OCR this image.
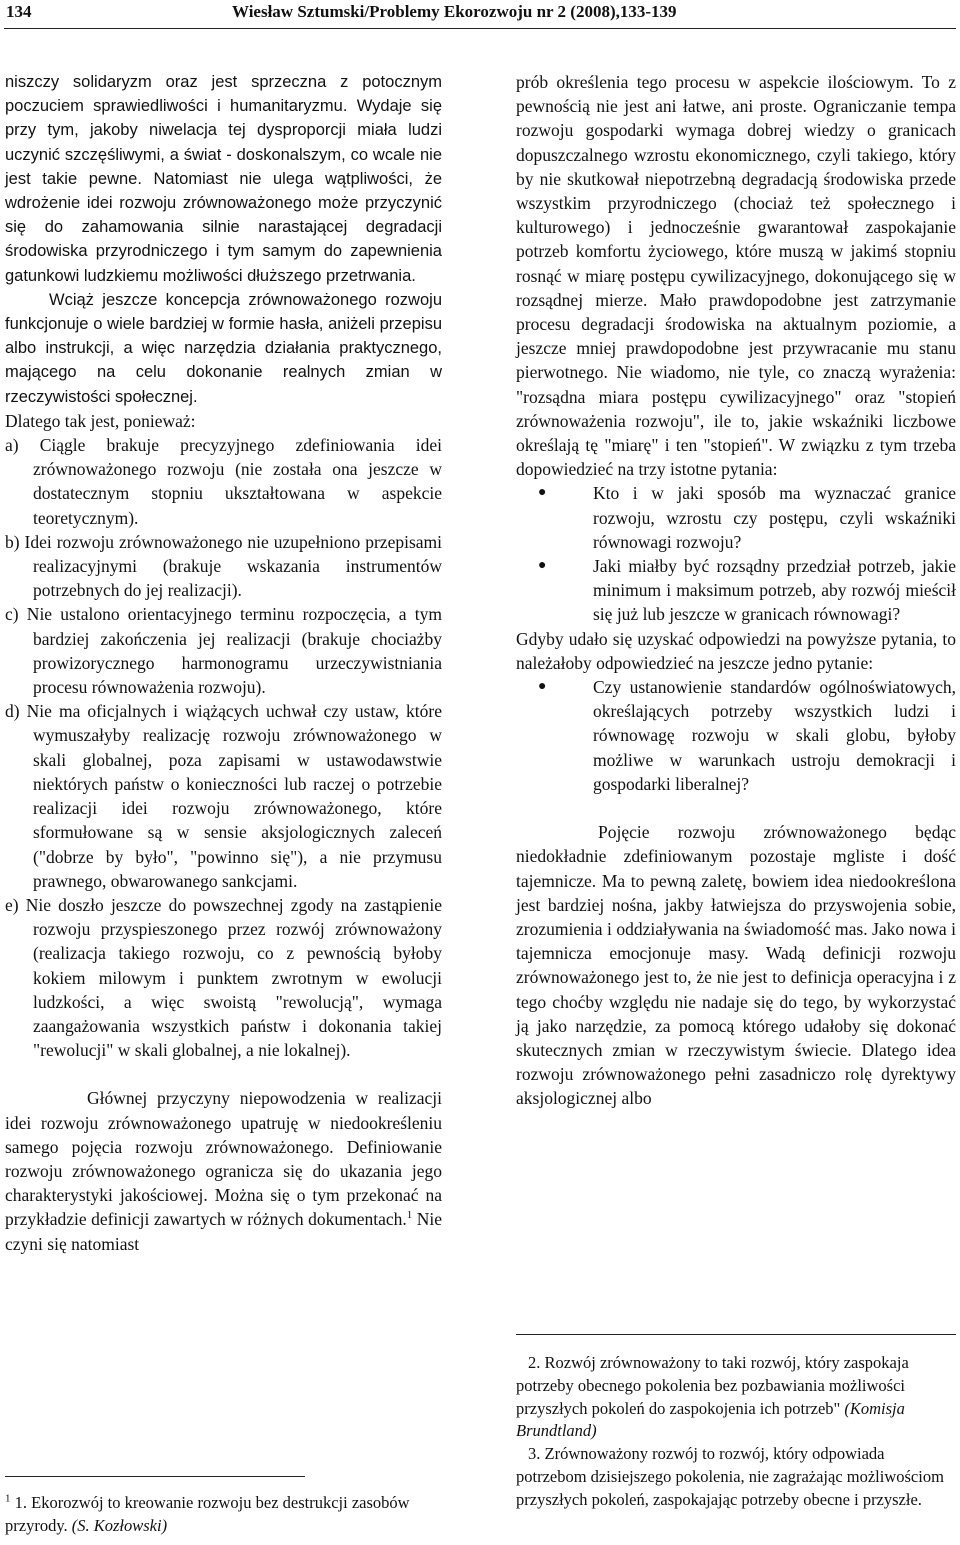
134	Wiesław Sztumski/Problemy Ekorozwoju nr 2 (2008),133-139

niszczy solidaryzm oraz jest sprzeczna z potocznym poczuciem sprawiedliwości i humanitaryzmu. Wydaje się przy tym, jakoby niwelacja tej dysproporcji miała ludzi uczynić szczęśliwymi, a świat - doskonalszym, co wcale nie jest takie pewne. Natomiast nie ulega wątpliwości, że wdrożenie idei rozwoju zrównoważonego może przyczynić się do zahamowania silnie narastającej degradacji środowiska przyrodniczego i tym samym do zapewnienia gatunkowi ludzkiemu możliwości dłuższego przetrwania.

Wciąż jeszcze koncepcja zrównoważonego rozwoju funkcjonuje o wiele bardziej w formie hasła, aniżeli przepisu albo instrukcji, a więc narzędzia działania praktycznego, mającego na celu dokonanie realnych zmian w rzeczywistości społecznej.

Dlatego tak jest, ponieważ:

a) Ciągle brakuje precyzyjnego zdefiniowania idei zrównoważonego rozwoju (nie została ona jeszcze w dostatecznym stopniu ukształtowana w aspekcie teoretycznym).

b) Idei rozwoju zrównoważonego nie uzupełniono przepisami realizacyjnymi (brakuje wskazania instrumentów potrzebnych do jej realizacji).

c) Nie ustalono orientacyjnego terminu rozpoczęcia, a tym bardziej zakończenia jej realizacji (brakuje chociażby prowizorycznego harmonogramu urzeczywistniania procesu równoważenia rozwoju).

d) Nie ma oficjalnych i wiążących uchwał czy ustaw, które wymuszałyby realizację rozwoju zrównoważonego w skali globalnej, poza zapisami w ustawodawstwie niektórych państw o konieczności lub raczej o potrzebie realizacji idei rozwoju zrównoważonego, które sformułowane są w sensie aksjologicznych zaleceń ("dobrze by było", "powinno się"), a nie przymusu prawnego, obwarowanego sankcjami.

e) Nie doszło jeszcze do powszechnej zgody na zastąpienie rozwoju przyspieszonego przez rozwój zrównoważony (realizacja takiego rozwoju, co z pewnością byłoby kokiem milowym i punktem zwrotnym w ewolucji ludzkości, a więc swoistą "rewolucją", wymaga zaangażowania wszystkich państw i dokonania takiej "rewolucji" w skali globalnej, a nie lokalnej).

Głównej przyczyny niepowodzenia w realizacji idei rozwoju zrównoważonego upatruję w niedookreśleniu samego pojęcia rozwoju zrównoważonego. Definiowanie rozwoju zrównoważonego ogranicza się do ukazania jego charakterystyki jakościowej. Można się o tym przekonać na przykładzie definicji zawartych w różnych dokumentach.$^1$ Nie czyni się natomiast

$^1$ 1. Ekorozwój to kreowanie rozwoju bez destrukcji zasobów przyrody. (S. Kozłowski)

prób określenia tego procesu w aspekcie ilościowym. To z pewnością nie jest ani łatwe, ani proste. Ograniczanie tempa rozwoju gospodarki wymaga dobrej wiedzy o granicach dopuszczalnego wzrostu ekonomicznego, czyli takiego, który by nie skutkował niepotrzebną degradacją środowiska przede wszystkim przyrodniczego (chociaż też społecznego i kulturowego) i jednocześnie gwarantował zaspokajanie potrzeb komfortu życiowego, które muszą w jakimś stopniu rosnąć w miarę postępu cywilizacyjnego, dokonującego się w rozsądnej mierze. Mało prawdopodobne jest zatrzymanie procesu degradacji środowiska na aktualnym poziomie, a jeszcze mniej prawdopodobne jest przywracanie mu stanu pierwotnego. Nie wiadomo, nie tyle, co znaczą wyrażenia: "rozsądna miara postępu cywilizacyjnego" oraz "stopień zrównoważenia rozwoju", ile to, jakie wskaźniki liczbowe określają tę "miarę" i ten "stopień". W związku z tym trzeba dopowiedzieć na trzy istotne pytania:

●	Kto i w jaki sposób ma wyznaczać granice rozwoju, wzrostu czy postępu, czyli wskaźniki równowagi rozwoju?
●	Jaki miałby być rozsądny przedział potrzeb, jakie minimum i maksimum potrzeb, aby rozwój mieścił się już lub jeszcze w granicach równowagi?

Gdyby udało się uzyskać odpowiedzi na powyższe pytania, to należałoby odpowiedzieć na jeszcze jedno pytanie:

●	Czy ustanowienie standardów ogólnoświatowych, określających potrzeby wszystkich ludzi i równowagę rozwoju w skali globu, byłoby możliwe w warunkach ustroju demokracji i gospodarki liberalnej?

Pojęcie rozwoju zrównoważonego będąc niedokładnie zdefiniowanym pozostaje mgliste i dość tajemnicze. Ma to pewną zaletę, bowiem idea niedookreślona jest bardziej nośna, jakby łatwiejsza do przyswojenia sobie, zrozumienia i oddziaływania na świadomość mas. Jako nowa i tajemnicza emocjonuje masy. Wadą definicji rozwoju zrównoważonego jest to, że nie jest to definicja operacyjna i z tego choćby względu nie nadaje się do tego, by wykorzystać ją jako narzędzie, za pomocą którego udałoby się dokonać skutecznych zmian w rzeczywistym świecie. Dlatego idea rozwoju zrównoważonego pełni zasadniczo rolę dyrektywy aksjologicznej albo

2. Rozwój zrównoważony to taki rozwój, który zaspokaja potrzeby obecnego pokolenia bez pozbawiania możliwości przyszłych pokoleń do zaspokojenia ich potrzeb" (Komisja Brundtland)

3. Zrównoważony rozwój to rozwój, który odpowiada potrzebom dzisiejszego pokolenia, nie zagrażając możliwościom przyszłych pokoleń, zaspokajając potrzeby obecne i przyszłe.
